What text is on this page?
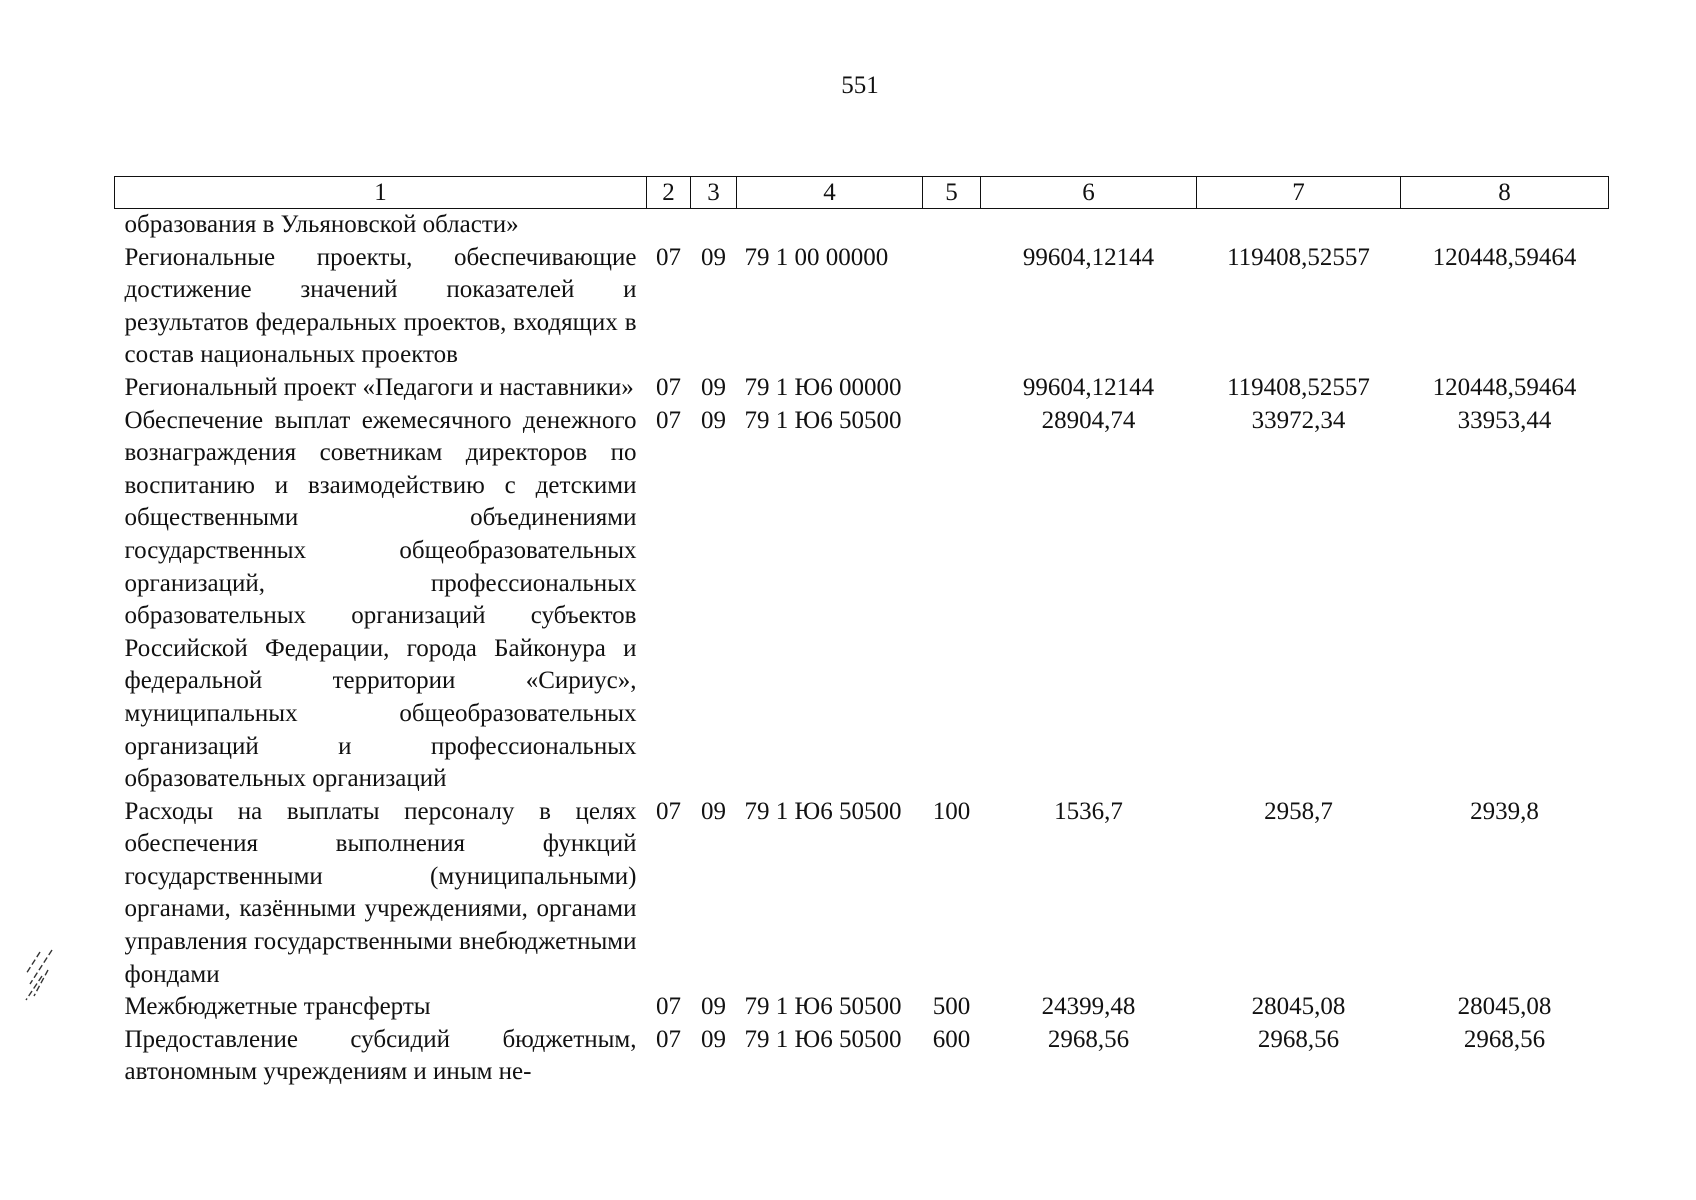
551
1	2	3	4	5	6	7	8
образования в Ульяновской области»							
Региональные проекты, обеспечивающие достижение значений показателей и результатов федеральных проектов, входящих в состав национальных проектов	07	09	79 1 00 00000		99604,12144	119408,52557	120448,59464
Региональный проект «Педагоги и наставники»	07	09	79 1 Ю6 00000		99604,12144	119408,52557	120448,59464
Обеспечение выплат ежемесячного денежного вознаграждения советникам директоров по воспитанию и взаимодействию с детскими общественными объединениями государственных общеобразовательных организаций, профессиональных образовательных организаций субъектов Российской Федерации, города Байконура и федеральной территории «Сириус», муниципальных общеобразовательных организаций и профессиональных образовательных организаций	07	09	79 1 Ю6 50500		28904,74	33972,34	33953,44
Расходы на выплаты персоналу в целях обеспечения выполнения функций государственными (муниципальными) органами, казёнными учреждениями, органами управления государственными внебюджетными фондами	07	09	79 1 Ю6 50500	100	1536,7	2958,7	2939,8
Межбюджетные трансферты	07	09	79 1 Ю6 50500	500	24399,48	28045,08	28045,08
Предоставление субсидий бюджетным, автономным учреждениям и иным не-	07	09	79 1 Ю6 50500	600	2968,56	2968,56	2968,56
